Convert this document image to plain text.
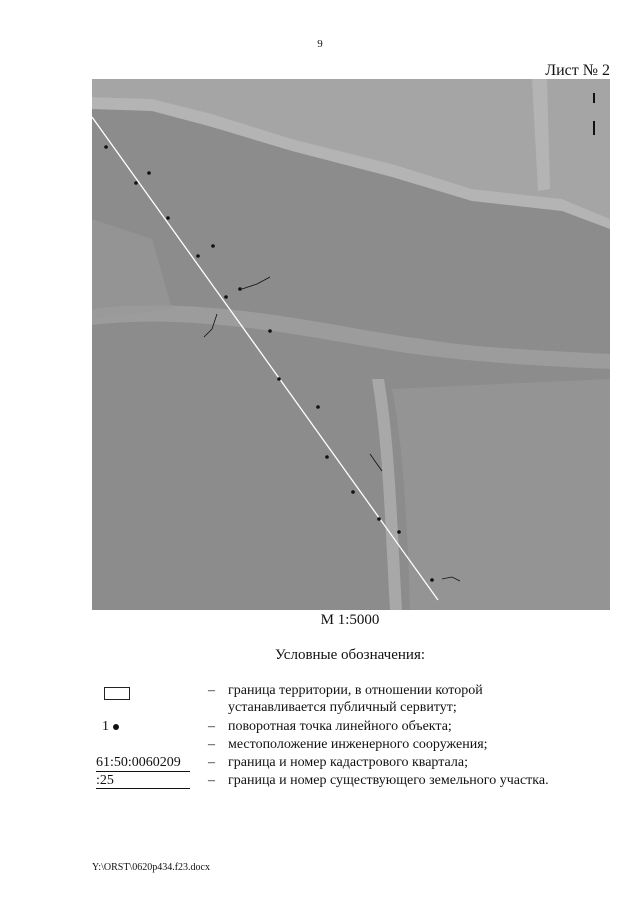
9
Лист № 2
М 1:5000
Условные обозначения:
– граница территории, в отношении которой
устанавливается публичный сервитут;
1	– поворотная точка линейного объекта;
– местоположение инженерного сооружения;
61:50:0060209	– граница и номер кадастрового квартала;
:25	– граница и номер существующего земельного участка.
Y:\ORST\0620p434.f23.docx
